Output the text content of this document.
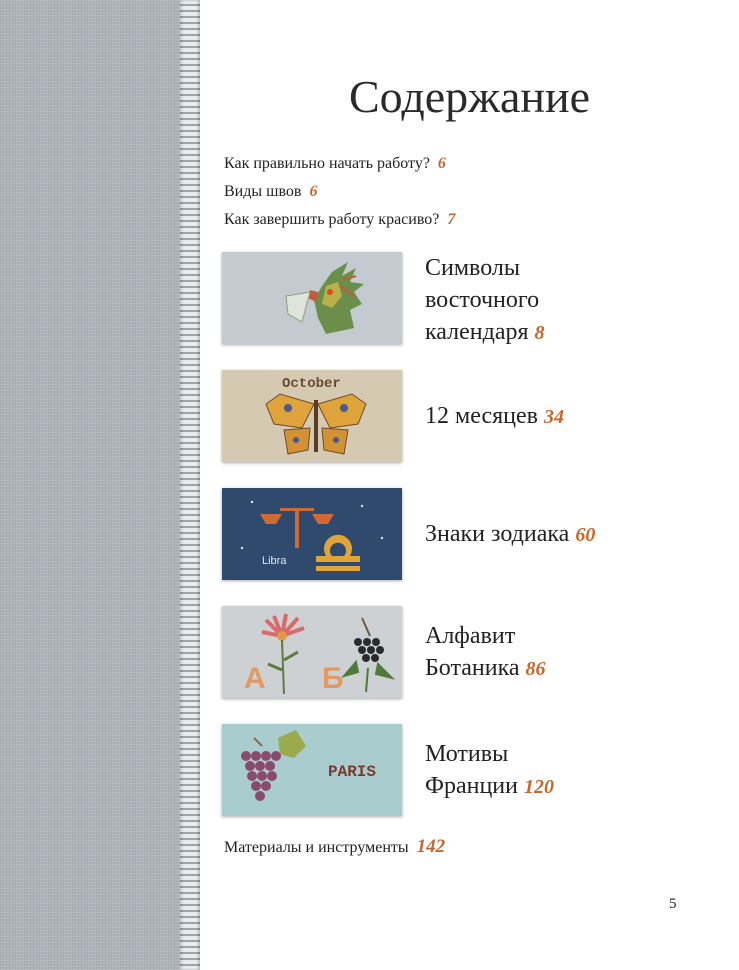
Содержание
Как правильно начать работу? 6
Виды швов 6
Как завершить работу красиво? 7
Символы
восточного
календаря 8
October
12 месяцев 34
Libra
Знаки зодиака 60
А Б
Алфавит
Ботаника 86
PARIS
Мотивы
Франции 120
Материалы и инструменты 142
5
